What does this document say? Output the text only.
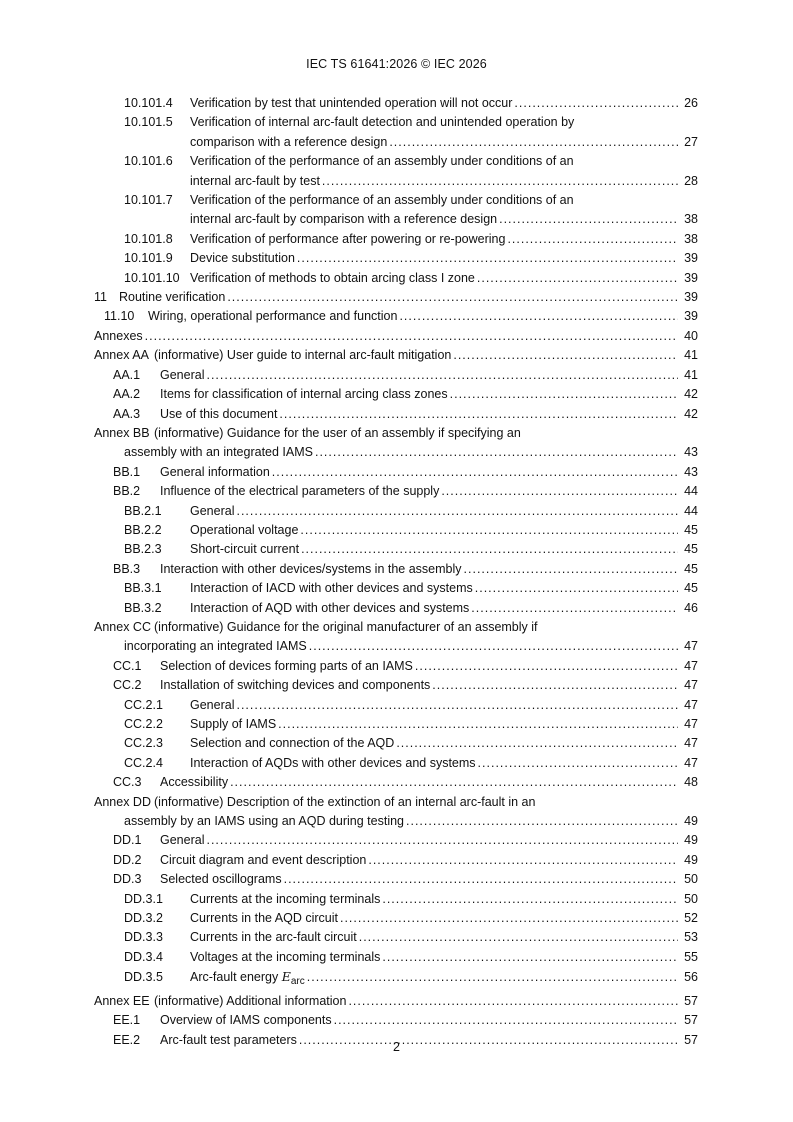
IEC TS 61641:2026 © IEC 2026
10.101.4	Verification by test that unintended operation will not occur .....	26
10.101.5	Verification of internal arc-fault detection and unintended operation by
comparison with a reference design .....	27
10.101.6	Verification of the performance of an assembly under conditions of an
internal arc-fault by test .....	28
10.101.7	Verification of the performance of an assembly under conditions of an
internal arc-fault by comparison with a reference design .....	38
10.101.8	Verification of performance after powering or re-powering .....	38
10.101.9	Device substitution .....	39
10.101.10 Verification of methods to obtain arcing class I zone .....	39
11 Routine verification .....	39
11.10	Wiring, operational performance and function .....	39
Annexes .....	40
Annex AA (informative) User guide to internal arc-fault mitigation .....	41
AA.1	General .....	41
AA.2	Items for classification of internal arcing class zones .....	42
AA.3	Use of this document .....	42
Annex BB (informative) Guidance for the user of an assembly if specifying an
assembly with an integrated IAMS .....	43
BB.1	General information .....	43
BB.2	Influence of the electrical parameters of the supply .....	44
BB.2.1	General .....	44
BB.2.2	Operational voltage .....	45
BB.2.3	Short-circuit current .....	45
BB.3	Interaction with other devices/systems in the assembly .....	45
BB.3.1	Interaction of IACD with other devices and systems .....	45
BB.3.2	Interaction of AQD with other devices and systems .....	46
Annex CC (informative) Guidance for the original manufacturer of an assembly if
incorporating an integrated IAMS .....	47
CC.1	Selection of devices forming parts of an IAMS .....	47
CC.2	Installation of switching devices and components .....	47
CC.2.1	General .....	47
CC.2.2	Supply of IAMS .....	47
CC.2.3	Selection and connection of the AQD .....	47
CC.2.4	Interaction of AQDs with other devices and systems .....	47
CC.3	Accessibility .....	48
Annex DD (informative) Description of the extinction of an internal arc-fault in an
assembly by an IAMS using an AQD during testing .....	49
DD.1	General .....	49
DD.2	Circuit diagram and event description .....	49
DD.3	Selected oscillograms .....	50
DD.3.1	Currents at the incoming terminals .....	50
DD.3.2	Currents in the AQD circuit .....	52
DD.3.3	Currents in the arc-fault circuit .....	53
DD.3.4	Voltages at the incoming terminals .....	55
DD.3.5	Arc-fault energy $E_{arc}$ .....	56
Annex EE (informative) Additional information .....	57
EE.1	Overview of IAMS components .....	57
EE.2	Arc-fault test parameters .....	57
2
